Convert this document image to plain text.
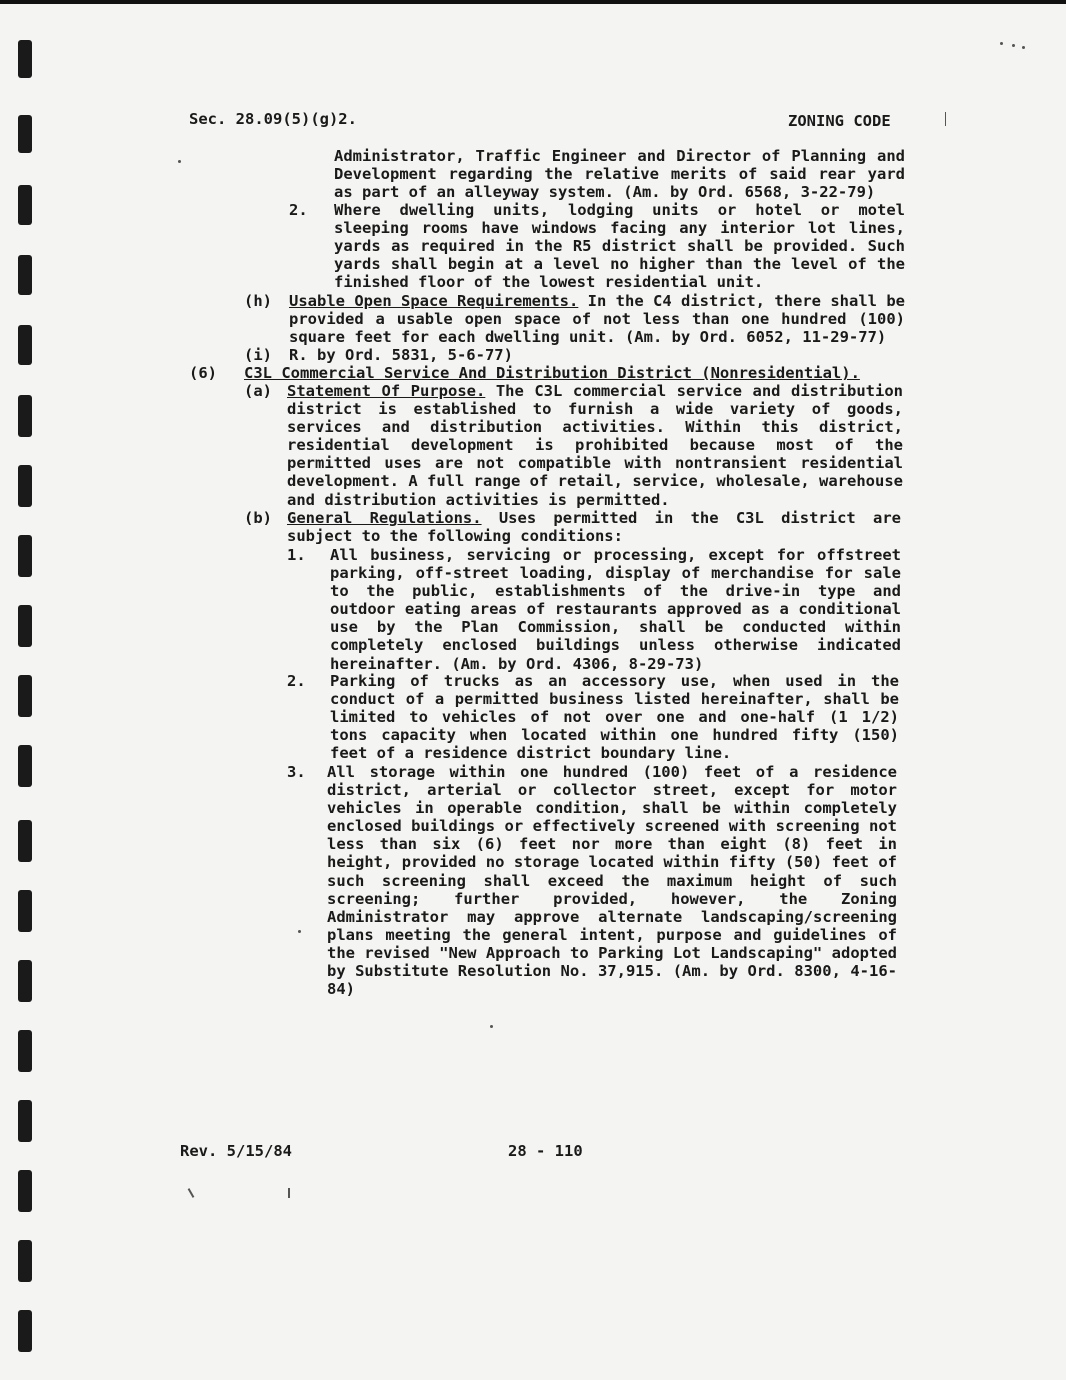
Sec. 28.09(5)(g)2.	ZONING CODE

Administrator, Traffic Engineer and Director of Planning and Development regarding the relative merits of said rear yard as part of an alleyway system. (Am. by Ord. 6568, 3-22-79)

2. Where dwelling units, lodging units or hotel or motel sleeping rooms have windows facing any interior lot lines, yards as required in the R5 district shall be provided. Such yards shall begin at a level no higher than the level of the finished floor of the lowest residential unit.

(h) Usable Open Space Requirements. In the C4 district, there shall be provided a usable open space of not less than one hundred (100) square feet for each dwelling unit. (Am. by Ord. 6052, 11-29-77)

(i) R. by Ord. 5831, 5-6-77)
(6) C3L Commercial Service And Distribution District (Nonresidential).
(a) Statement Of Purpose. The C3L commercial service and distribution district is established to furnish a wide variety of goods, services and distribution activities. Within this district, residential development is prohibited because most of the permitted uses are not compatible with nontransient residential development. A full range of retail, service, wholesale, warehouse and distribution activities is permitted.

(b) General Regulations. Uses permitted in the C3L district are subject to the following conditions:

1. All business, servicing or processing, except for offstreet parking, off-street loading, display of merchandise for sale to the public, establishments of the drive-in type and outdoor eating areas of restaurants approved as a conditional use by the Plan Commission, shall be conducted within completely enclosed buildings unless otherwise indicated hereinafter. (Am. by Ord. 4306, 8-29-73)

2. Parking of trucks as an accessory use, when used in the conduct of a permitted business listed hereinafter, shall be limited to vehicles of not over one and one-half (1 1/2) tons capacity when located within one hundred fifty (150) feet of a residence district boundary line.

3. All storage within one hundred (100) feet of a residence district, arterial or collector street, except for motor vehicles in operable condition, shall be within completely enclosed buildings or effectively screened with screening not less than six (6) feet nor more than eight (8) feet in height, provided no storage located within fifty (50) feet of such screening shall exceed the maximum height of such screening; further provided, however, the Zoning Administrator may approve alternate landscaping/screening plans meeting the general intent, purpose and guidelines of the revised "New Approach to Parking Lot Landscaping" adopted by Substitute Resolution No. 37,915. (Am. by Ord. 8300, 4-16-84)

Rev. 5/15/84	28 - 110
